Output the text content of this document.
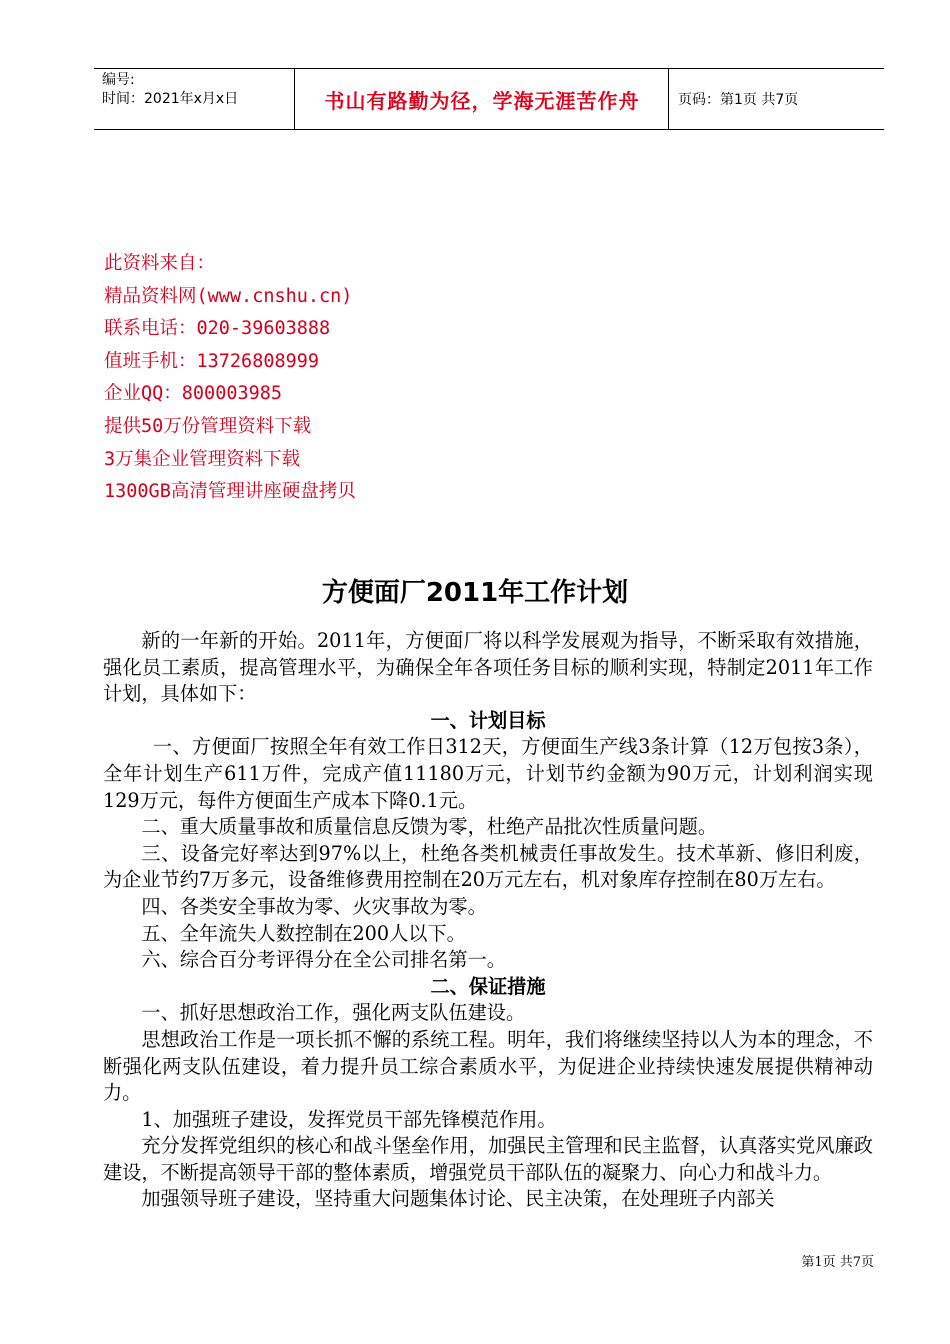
编号:
时间：2021年x月x日	书山有路勤为径，学海无涯苦作舟	页码：第1页 共7页
此资料来自：
精品资料网(www.cnshu.cn)
联系电话：020-39603888
值班手机：13726808999
企业QQ：800003985
提供50万份管理资料下载
3万集企业管理资料下载
1300GB高清管理讲座硬盘拷贝
方便面厂2011年工作计划

新的一年新的开始。2011年，方便面厂将以科学发展观为指导，不断采取有效措施，强化员工素质，提高管理水平，为确保全年各项任务目标的顺利实现，特制定2011年工作计划，具体如下：

一、计划目标

一、方便面厂按照全年有效工作日312天，方便面生产线3条计算（12万包按3条），全年计划生产611万件，完成产值11180万元，计划节约金额为90万元，计划利润实现129万元，每件方便面生产成本下降0.1元。

二、重大质量事故和质量信息反馈为零，杜绝产品批次性质量问题。

三、设备完好率达到97%以上，杜绝各类机械责任事故发生。技术革新、修旧利废，为企业节约7万多元，设备维修费用控制在20万元左右，机对象库存控制在80万左右。

四、各类安全事故为零、火灾事故为零。

五、全年流失人数控制在200人以下。

六、综合百分考评得分在全公司排名第一。

二、保证措施

一、抓好思想政治工作，强化两支队伍建设。

思想政治工作是一项长抓不懈的系统工程。明年，我们将继续坚持以人为本的理念，不断强化两支队伍建设，着力提升员工综合素质水平，为促进企业持续快速发展提供精神动力。

1、加强班子建设，发挥党员干部先锋模范作用。

充分发挥党组织的核心和战斗堡垒作用，加强民主管理和民主监督，认真落实党风廉政建设，不断提高领导干部的整体素质，增强党员干部队伍的凝聚力、向心力和战斗力。

加强领导班子建设，坚持重大问题集体讨论、民主决策，在处理班子内部关

第1页 共7页
